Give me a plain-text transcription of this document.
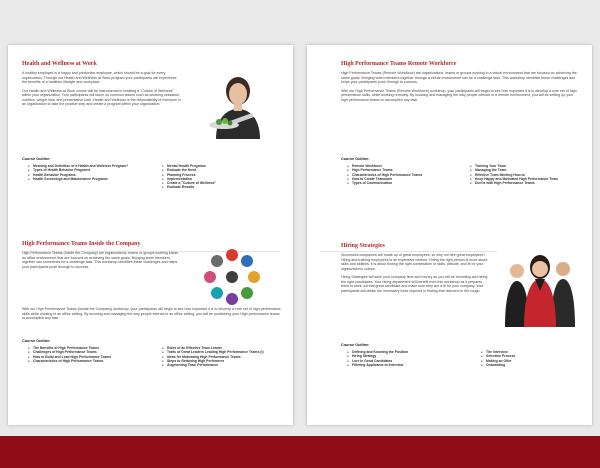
Health and Wellness at Work

A healthy employee is a happy and productive employee, which should be a goal for every organization. Through our Health and Wellness at Work program your participants will experience the benefits of a healthier lifestyle and workplace.

Our Health and Wellness at Work course will be instrumental in creating a "Culture of Wellness" within your organization. Your participants will touch on common issues such as smoking cessation, nutrition, weight loss, and preventative care. Health and Wellness is the responsibility of everyone in an organization to take the positive step and create a program within your organization.

Course Outline:
● Meaning and Definition of a Health and Wellness Program?
● Types of Health Behavior Programs
● Health Behavior Programs
● Health Screenings and Maintenance Programs
● Mental Health Programs
● Evaluate the Need
● Planning Process
● Implementation
● Create a "Culture of Wellness"
● Evaluate Results
High Performance Teams Inside the Company

High Performance Teams (Inside the Company) are organizations, teams or groups working inside an office environment that are focused on achieving the same goals. Bringing team members together can sometimes be a challenge task. This workshop identifies these challenges and helps your participants push through to success.

With our High Performance Teams (Inside the Company) workshop, your participants will begin to see how important it is to develop a core set of high performance skills while working in an office setting. By knowing and managing the way people interact in an office setting, you will be positioning your High performance teams to accomplish any task.

Course Outline:
● The Benefits of High Performance Teams
● Challenges of High Performance Teams
● How to Build and Lead High Performance Teams
● Characteristics of High Performance Teams
● Roles of an Effective Team Leader
● Traits of Great Leaders Leading High Performance Teams (I)
● Ideas for Motivating High Performance Teams
● Steps to Retaining High Performers
● Augmenting Team Performance
High Performance Teams Remote Workforce

High Performance Teams (Remote Workforce) are organizations, teams or groups working in a virtual environment that are focused on achieving the same goals. Bringing team members together through a virtual environment can be a challenge task. This workshop identifies these challenges and helps your participants push through to success.

With our High Performance Teams (Remote Workforce) workshop, your participants will begin to see how important it is to develop a core set of high performance skills, while working remotely. By knowing and managing the way people interact in a remote environment, you will be setting up your high performance teams to accomplish any task.

Course Outline:
● Remote Workforce
● High Performance Teams
● Characteristics of High Performance Teams
● How to Create Teamwork
● Types of Communication
● Training Your Team
● Managing the Team
● Effective Team Meeting How-to
● Keep Happy and Motivated High Performance Team
● Don'ts with High Performance Teams
Hiring Strategies

Successful companies are made up of great employees, so why not hire great employees? Hiring and training employees is an expensive venture. Hiring the right person is more about skills and abilities; it is about finding the right combination of skills, attitude, and fit for your organization's culture.

Hiring Strategies will save your company time and money as you will be recruiting and hiring the right candidates. Your hiring department will benefit from this workshop as it prepares them to seek out that great candidate and make sure they are a fit for your company. Your participants will obtain the necessary tools required in finding that diamond in the rough.

Course Outline:
● Defining and Knowing the Position
● Hiring Strategy
● Lure in Great Candidates
● Filtering Applicants to Interview
● The Interview
● Selection Process
● Making an Offer
● Onboarding
